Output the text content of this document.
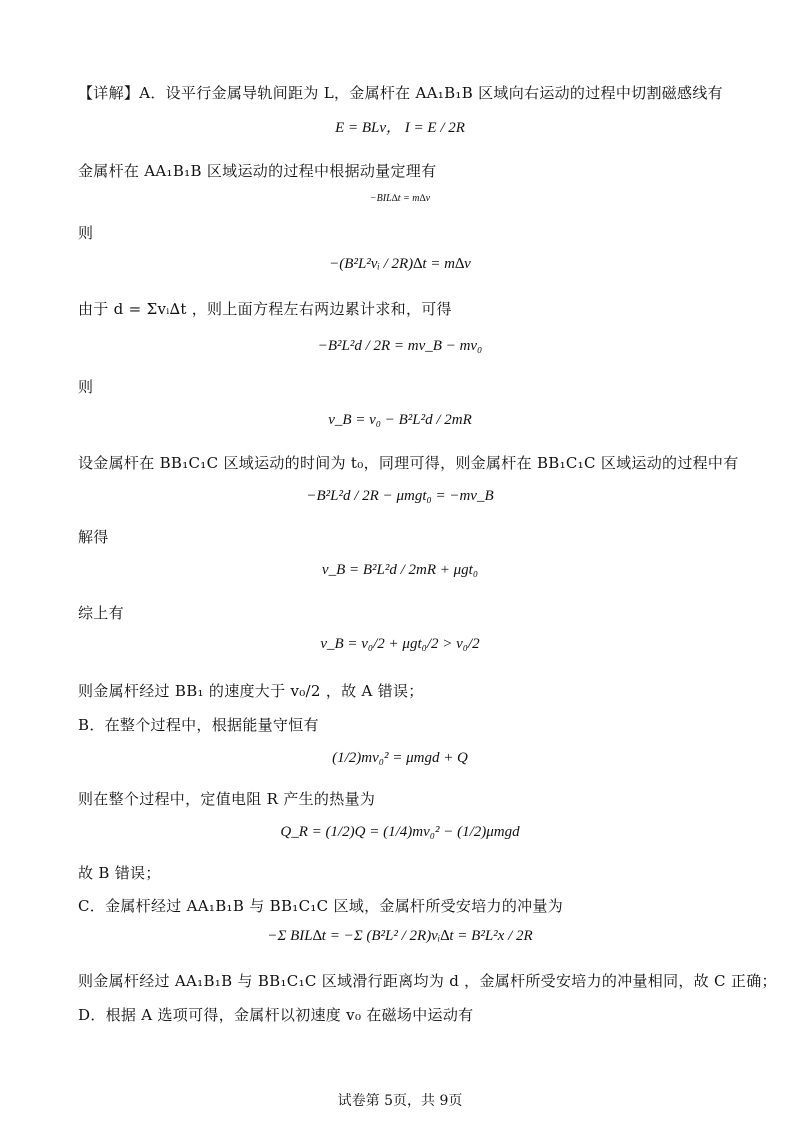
【详解】A．设平行金属导轨间距为 L，金属杆在 AA₁B₁B 区域向右运动的过程中切割磁感线有
E = BLv， I = E / 2R
金属杆在 AA₁B₁B 区域运动的过程中根据动量定理有
−BIL∆t = m∆v
则
−(B²L²vᵢ / 2R)∆t = m∆v
由于 d = Σvᵢ∆t ，则上面方程左右两边累计求和，可得
−B²L²d / 2R = mv_B − mv₀
则
v_B = v₀ − B²L²d / 2mR
设金属杆在 BB₁C₁C 区域运动的时间为 t₀，同理可得，则金属杆在 BB₁C₁C 区域运动的过程中有
−B²L²d / 2R − μmgt₀ = −mv_B
解得
v_B = B²L²d / 2mR + μgt₀
综上有
v_B = v₀/2 + μgt₀/2 > v₀/2
则金属杆经过 BB₁ 的速度大于 v₀/2 ，故 A 错误；
B．在整个过程中，根据能量守恒有
(1/2)mv₀² = μmgd + Q
则在整个过程中，定值电阻 R 产生的热量为
Q_R = (1/2)Q = (1/4)mv₀² − (1/2)μmgd
故 B 错误；
C．金属杆经过 AA₁B₁B 与 BB₁C₁C 区域，金属杆所受安培力的冲量为
−Σ BIL∆t = −Σ (B²L² / 2R)vᵢ∆t = B²L²x / 2R
则金属杆经过 AA₁B₁B 与 BB₁C₁C 区域滑行距离均为 d ，金属杆所受安培力的冲量相同，故 C 正确；
D．根据 A 选项可得，金属杆以初速度 v₀ 在磁场中运动有
试卷第 5页，共 9页
